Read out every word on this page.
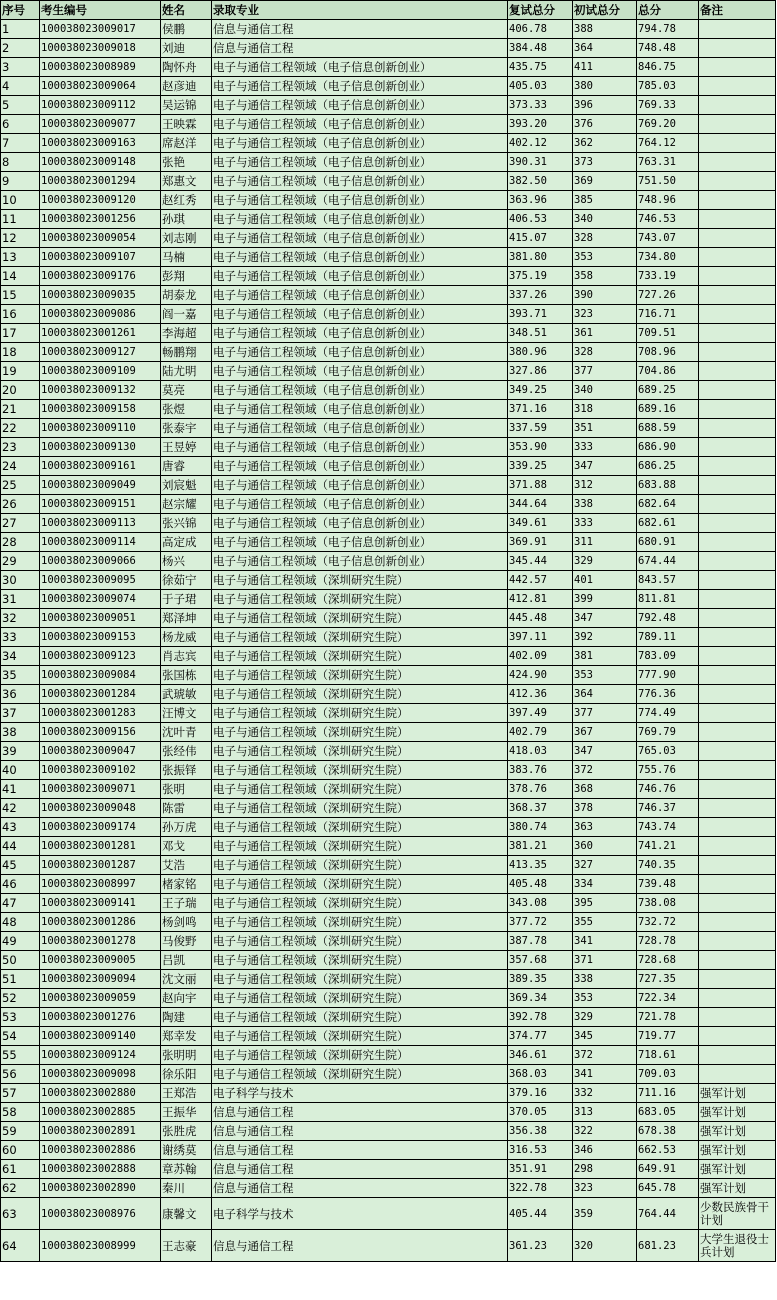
序号	考生编号	姓名	录取专业	复试总分	初试总分	总分	备注
1	100038023009017	侯鹏	信息与通信工程	406.78	388	794.78	
2	100038023009018	刘迪	信息与通信工程	384.48	364	748.48	
3	100038023008989	陶怀舟	电子与通信工程领域（电子信息创新创业）	435.75	411	846.75	
4	100038023009064	赵彦迪	电子与通信工程领域（电子信息创新创业）	405.03	380	785.03	
5	100038023009112	吴运锦	电子与通信工程领域（电子信息创新创业）	373.33	396	769.33	
6	100038023009077	王映霖	电子与通信工程领域（电子信息创新创业）	393.20	376	769.20	
7	100038023009163	席赵洋	电子与通信工程领域（电子信息创新创业）	402.12	362	764.12	
8	100038023009148	张艳	电子与通信工程领域（电子信息创新创业）	390.31	373	763.31	
9	100038023001294	郑惠文	电子与通信工程领域（电子信息创新创业）	382.50	369	751.50	
10	100038023009120	赵红秀	电子与通信工程领域（电子信息创新创业）	363.96	385	748.96	
11	100038023001256	孙琪	电子与通信工程领域（电子信息创新创业）	406.53	340	746.53	
12	100038023009054	刘志刚	电子与通信工程领域（电子信息创新创业）	415.07	328	743.07	
13	100038023009107	马楠	电子与通信工程领域（电子信息创新创业）	381.80	353	734.80	
14	100038023009176	彭翔	电子与通信工程领域（电子信息创新创业）	375.19	358	733.19	
15	100038023009035	胡泰龙	电子与通信工程领域（电子信息创新创业）	337.26	390	727.26	
16	100038023009086	阎一嘉	电子与通信工程领域（电子信息创新创业）	393.71	323	716.71	
17	100038023001261	李海超	电子与通信工程领域（电子信息创新创业）	348.51	361	709.51	
18	100038023009127	畅鹏翔	电子与通信工程领域（电子信息创新创业）	380.96	328	708.96	
19	100038023009109	陆尤明	电子与通信工程领域（电子信息创新创业）	327.86	377	704.86	
20	100038023009132	莫亮	电子与通信工程领域（电子信息创新创业）	349.25	340	689.25	
21	100038023009158	张煜	电子与通信工程领域（电子信息创新创业）	371.16	318	689.16	
22	100038023009110	张泰宇	电子与通信工程领域（电子信息创新创业）	337.59	351	688.59	
23	100038023009130	王昱婷	电子与通信工程领域（电子信息创新创业）	353.90	333	686.90	
24	100038023009161	唐睿	电子与通信工程领域（电子信息创新创业）	339.25	347	686.25	
25	100038023009049	刘宸魁	电子与通信工程领域（电子信息创新创业）	371.88	312	683.88	
26	100038023009151	赵宗耀	电子与通信工程领域（电子信息创新创业）	344.64	338	682.64	
27	100038023009113	张兴锦	电子与通信工程领域（电子信息创新创业）	349.61	333	682.61	
28	100038023009114	高定成	电子与通信工程领域（电子信息创新创业）	369.91	311	680.91	
29	100038023009066	杨兴	电子与通信工程领域（电子信息创新创业）	345.44	329	674.44	
30	100038023009095	徐茹宁	电子与通信工程领域（深圳研究生院）	442.57	401	843.57	
31	100038023009074	于子珺	电子与通信工程领域（深圳研究生院）	412.81	399	811.81	
32	100038023009051	郑泽坤	电子与通信工程领域（深圳研究生院）	445.48	347	792.48	
33	100038023009153	杨龙威	电子与通信工程领域（深圳研究生院）	397.11	392	789.11	
34	100038023009123	肖志宾	电子与通信工程领域（深圳研究生院）	402.09	381	783.09	
35	100038023009084	张国栋	电子与通信工程领域（深圳研究生院）	424.90	353	777.90	
36	100038023001284	武琥敏	电子与通信工程领域（深圳研究生院）	412.36	364	776.36	
37	100038023001283	汪博文	电子与通信工程领域（深圳研究生院）	397.49	377	774.49	
38	100038023009156	沈叶青	电子与通信工程领域（深圳研究生院）	402.79	367	769.79	
39	100038023009047	张经伟	电子与通信工程领域（深圳研究生院）	418.03	347	765.03	
40	100038023009102	张振铎	电子与通信工程领域（深圳研究生院）	383.76	372	755.76	
41	100038023009071	张明	电子与通信工程领域（深圳研究生院）	378.76	368	746.76	
42	100038023009048	陈雷	电子与通信工程领域（深圳研究生院）	368.37	378	746.37	
43	100038023009174	孙万虎	电子与通信工程领域（深圳研究生院）	380.74	363	743.74	
44	100038023001281	邓戈	电子与通信工程领域（深圳研究生院）	381.21	360	741.21	
45	100038023001287	艾浩	电子与通信工程领域（深圳研究生院）	413.35	327	740.35	
46	100038023008997	楮家铭	电子与通信工程领域（深圳研究生院）	405.48	334	739.48	
47	100038023009141	王子瑞	电子与通信工程领域（深圳研究生院）	343.08	395	738.08	
48	100038023001286	杨剑鸣	电子与通信工程领域（深圳研究生院）	377.72	355	732.72	
49	100038023001278	马俊野	电子与通信工程领域（深圳研究生院）	387.78	341	728.78	
50	100038023009005	吕凯	电子与通信工程领域（深圳研究生院）	357.68	371	728.68	
51	100038023009094	沈文丽	电子与通信工程领域（深圳研究生院）	389.35	338	727.35	
52	100038023009059	赵向宇	电子与通信工程领域（深圳研究生院）	369.34	353	722.34	
53	100038023001276	陶建	电子与通信工程领域（深圳研究生院）	392.78	329	721.78	
54	100038023009140	郑幸发	电子与通信工程领域（深圳研究生院）	374.77	345	719.77	
55	100038023009124	张明明	电子与通信工程领域（深圳研究生院）	346.61	372	718.61	
56	100038023009098	徐乐阳	电子与通信工程领域（深圳研究生院）	368.03	341	709.03	
57	100038023002880	王郑浩	电子科学与技术	379.16	332	711.16	强军计划
58	100038023002885	王振华	信息与通信工程	370.05	313	683.05	强军计划
59	100038023002891	张胜虎	信息与通信工程	356.38	322	678.38	强军计划
60	100038023002886	谢绣莫	信息与通信工程	316.53	346	662.53	强军计划
61	100038023002888	章苏翰	信息与通信工程	351.91	298	649.91	强军计划
62	100038023002890	秦川	信息与通信工程	322.78	323	645.78	强军计划
63	100038023008976	康馨文	电子科学与技术	405.44	359	764.44	少数民族骨干计划
64	100038023008999	王志豪	信息与通信工程	361.23	320	681.23	大学生退役士兵计划
